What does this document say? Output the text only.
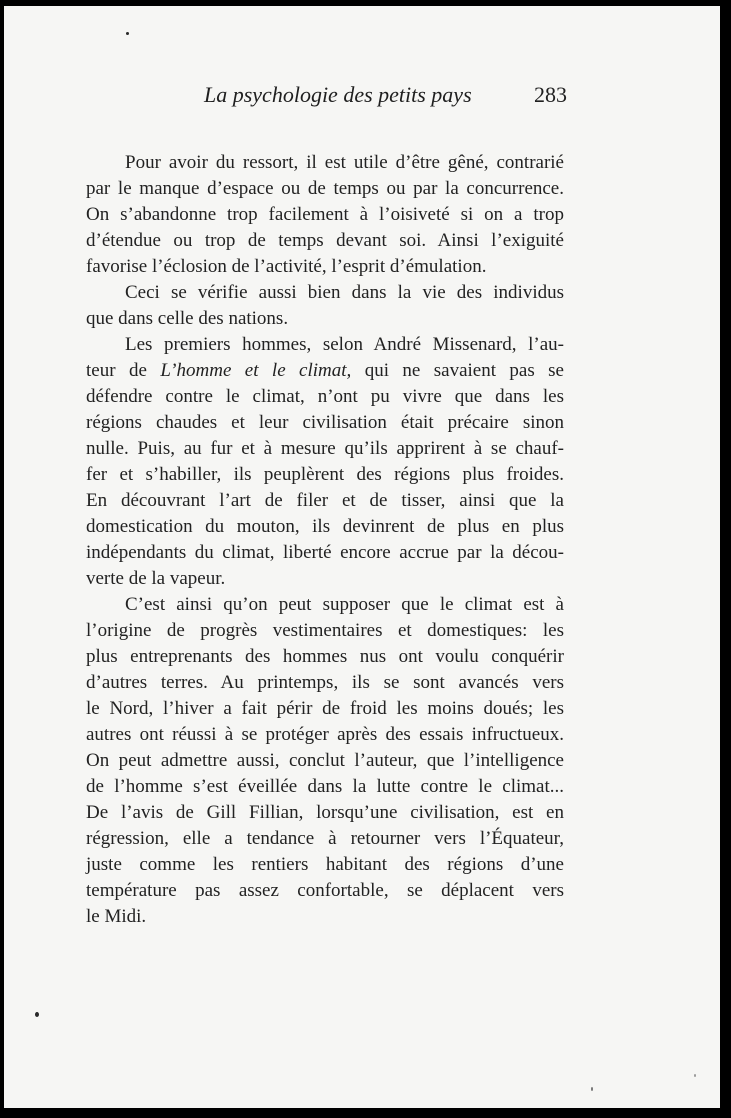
La psychologie des petits pays	283
Pour avoir du ressort, il est utile d’être gêné, contrarié
par le manque d’espace ou de temps ou par la concurrence.
On s’abandonne trop facilement à l’oisiveté si on a trop
d’étendue ou trop de temps devant soi. Ainsi l’exiguité
favorise l’éclosion de l’activité, l’esprit d’émulation.
Ceci se vérifie aussi bien dans la vie des individus
que dans celle des nations.
Les premiers hommes, selon André Missenard, l’au-
teur de L’homme et le climat, qui ne savaient pas se
défendre contre le climat, n’ont pu vivre que dans les
régions chaudes et leur civilisation était précaire sinon
nulle. Puis, au fur et à mesure qu’ils apprirent à se chauf-
fer et s’habiller, ils peuplèrent des régions plus froides.
En découvrant l’art de filer et de tisser, ainsi que la
domestication du mouton, ils devinrent de plus en plus
indépendants du climat, liberté encore accrue par la décou-
verte de la vapeur.
C’est ainsi qu’on peut supposer que le climat est à
l’origine de progrès vestimentaires et domestiques: les
plus entreprenants des hommes nus ont voulu conquérir
d’autres terres. Au printemps, ils se sont avancés vers
le Nord, l’hiver a fait périr de froid les moins doués; les
autres ont réussi à se protéger après des essais infructueux.
On peut admettre aussi, conclut l’auteur, que l’intelligence
de l’homme s’est éveillée dans la lutte contre le climat...
De l’avis de Gill Fillian, lorsqu’une civilisation, est en
régression, elle a tendance à retourner vers l’Équateur,
juste comme les rentiers habitant des régions d’une
température pas assez confortable, se déplacent vers
le Midi.
